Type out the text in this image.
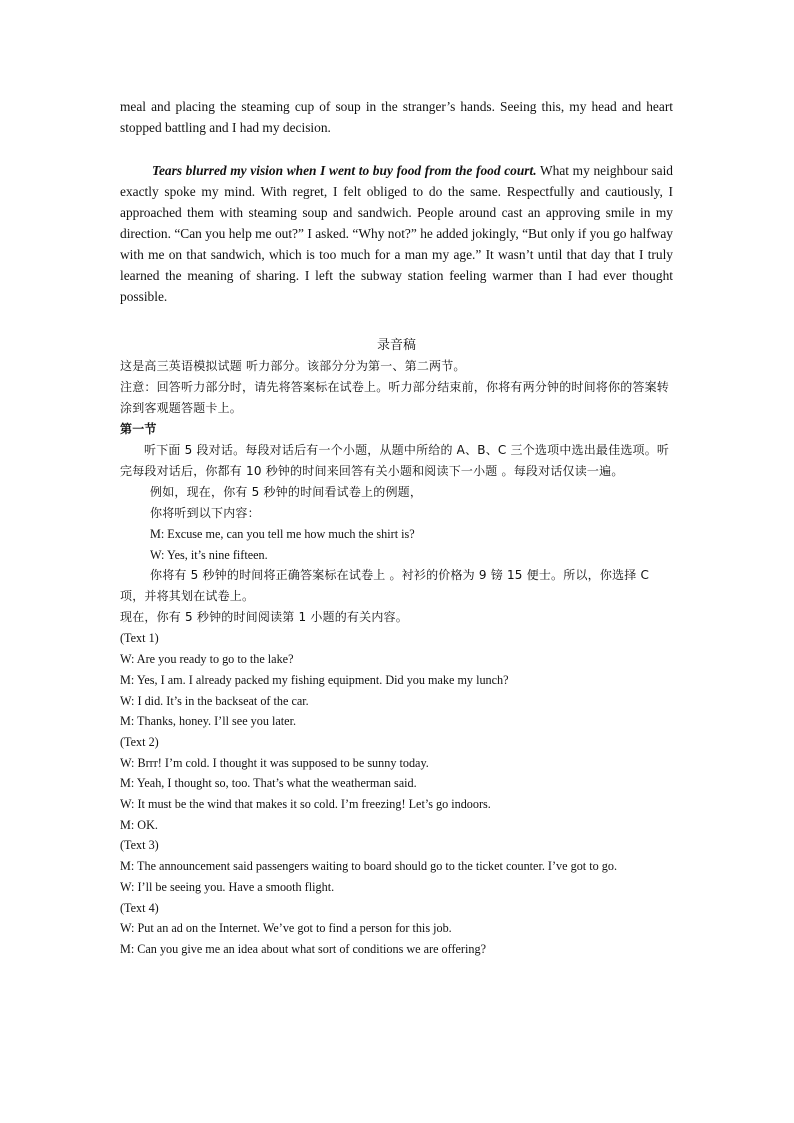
meal and placing the steaming cup of soup in the stranger’s hands. Seeing this, my head and heart stopped battling and I had my decision.

Tears blurred my vision when I went to buy food from the food court. What my neighbour said exactly spoke my mind. With regret, I felt obliged to do the same. Respectfully and cautiously, I approached them with steaming soup and sandwich. People around cast an approving smile in my direction. “Can you help me out?” I asked. “Why not?” he added jokingly, “But only if you go halfway with me on that sandwich, which is too much for a man my age.” It wasn’t until that day that I truly learned the meaning of sharing. I left the subway station feeling warmer than I had ever thought possible.

录音稿

这是高三英语模拟试题 听力部分。该部分分为第一、第二两节。

注意：回答听力部分时，请先将答案标在试卷上。听力部分结束前，你将有两分钟的时间将你的答案转涂到客观题答题卡上。

第一节

听下面 5 段对话。每段对话后有一个小题，从题中所给的 A、B、C 三个选项中选出最佳选项。听完每段对话后，你都有 10 秒钟的时间来回答有关小题和阅读下一小题 。每段对话仅读一遍。

例如，现在，你有 5 秒钟的时间看试卷上的例题，

你将听到以下内容：

M: Excuse me, can you tell me how much the shirt is?

W: Yes, it’s nine fifteen.

你将有 5 秒钟的时间将正确答案标在试卷上 。衬衫的价格为 9 镑 15 便士。所以，你选择 C 项，并将其划在试卷上。

现在，你有 5 秒钟的时间阅读第 1 小题的有关内容。

(Text 1)

W: Are you ready to go to the lake?

M: Yes, I am. I already packed my fishing equipment. Did you make my lunch?

W: I did. It’s in the backseat of the car.

M: Thanks, honey. I’ll see you later.

(Text 2)

W: Brrr! I’m cold. I thought it was supposed to be sunny today.

M: Yeah, I thought so, too. That’s what the weatherman said.

W: It must be the wind that makes it so cold. I’m freezing! Let’s go indoors.

M: OK.

(Text 3)

M: The announcement said passengers waiting to board should go to the ticket counter. I’ve got to go.

W: I’ll be seeing you. Have a smooth flight.

(Text 4)

W: Put an ad on the Internet. We’ve got to find a person for this job.

M: Can you give me an idea about what sort of conditions we are offering?
